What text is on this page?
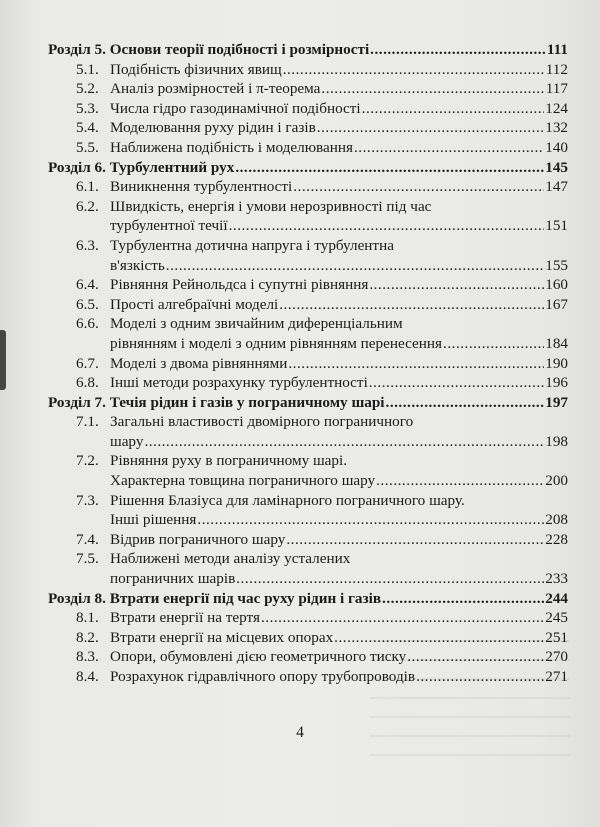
Розділ 5. Основи теорії подібності і розмірності .....	111
5.1. Подібність фізичних явищ .....	112
5.2. Аналіз розмірностей і π-теорема .....	117
5.3. Числа гідро газодинамічної подібності .....	124
5.4. Моделювання руху рідин і газів .....	132
5.5. Наближена подібність і моделювання .....	140
Розділ 6. Турбулентний рух .....	145
6.1. Виникнення турбулентності .....	147
6.2. Швидкість, енергія і умови нерозривності під час
турбулентної течії .....	151
6.3. Турбулентна дотична напруга і турбулентна
в'язкість .....	155
6.4. Рівняння Рейнольдса і супутні рівняння .....	160
6.5. Прості алгебраїчні моделі .....	167
6.6. Моделі з одним звичайним диференціальним
рівнянням і моделі з одним рівнянням перенесення .....	184
6.7. Моделі з двома рівняннями .....	190
6.8. Інші методи розрахунку турбулентності .....	196
Розділ 7. Течія рідин і газів у пограничному шарі .....	197
7.1. Загальні властивості двомірного пограничного
шару .....	198
7.2. Рівняння руху в пограничному шарі.
Характерна товщина пограничного шару .....	200
7.3. Рішення Блазіуса для ламінарного пограничного шару.
Інші рішення .....	208
7.4. Відрив пограничного шару .....	228
7.5. Наближені методи аналізу усталених
пограничних шарів .....	233
Розділ 8. Втрати енергії під час руху рідин і газів .....	244
8.1. Втрати енергії на тертя .....	245
8.2. Втрати енергії на місцевих опорах .....	251
8.3. Опори, обумовлені дією геометричного тиску .....	270
8.4. Розрахунок гідравлічного опору трубопроводів .....	271
4
